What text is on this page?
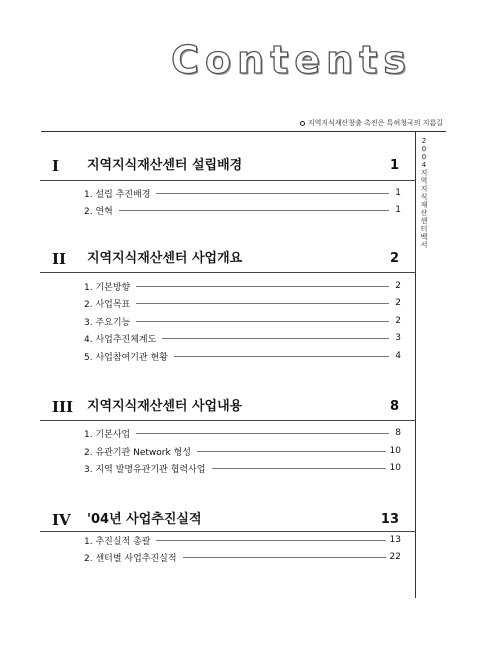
Contents
지역지식재산창출 촉진은 특허청국의 지름길
2
0
0
4
지
역
지
식
재
산
센
터
백
서
I 지역지식재산센터 설립배경	1
1. 설립 추진배경	1
2. 연혁	1
II 지역지식재산센터 사업개요	2
1. 기본방향	2
2. 사업목표	2
3. 주요기능	2
4. 사업추진체계도	3
5. 사업참여기관 현황	4
III 지역지식재산센터 사업내용	8
1. 기본사업	8
2. 유관기관 Network 형성	10
3. 지역 발명유관기관 협력사업	10
IV '04년 사업추진실적	13
1. 추진실적 총괄	13
2. 센터별 사업추진실적	22
